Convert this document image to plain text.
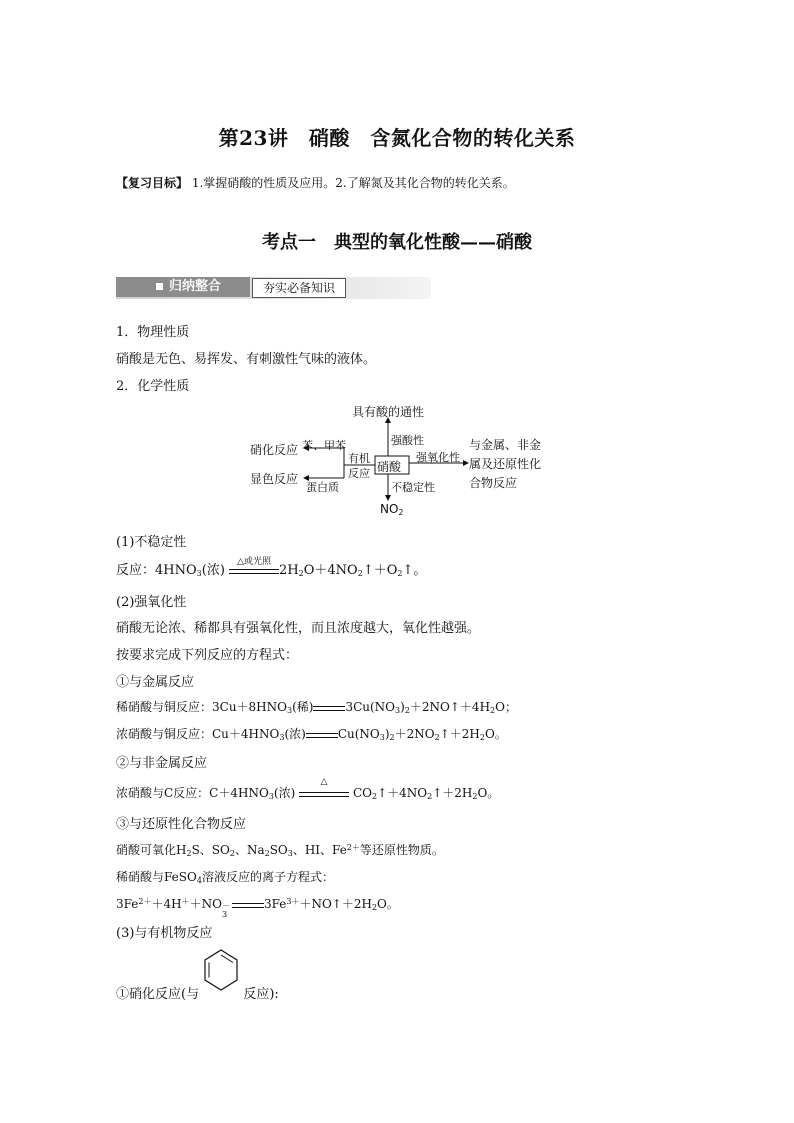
第23讲　硝酸　含氮化合物的转化关系
【复习目标】 1.掌握硝酸的性质及应用。2.了解氮及其化合物的转化关系。
考点一　典型的氧化性酸——硝酸
归纳整合	夯实必备知识
1．物理性质
硝酸是无色、易挥发、有刺激性气味的液体。
2．化学性质
具有酸的通性
强酸性
硝酸
强氧化性
与金属、非金
属及还原性化
合物反应
不稳定性
$NO_2$
有机
反应
硝化反应 苯、甲苯
显色反应
蛋白质
(1)不稳定性
反应：$4HNO_3$(浓)
△或光照
$2H_2O+4NO_2↑+O_2↑$。
(2)强氧化性
硝酸无论浓、稀都具有强氧化性，而且浓度越大，氧化性越强。
按要求完成下列反应的方程式：
①与金属反应
稀硝酸与铜反应：$3Cu+8HNO_3$(稀)	$3Cu(NO_3)_2+2NO↑+4H_2O$；
浓硝酸与铜反应：$Cu+4HNO_3$(浓)	$Cu(NO_3)_2+2NO_2↑+2H_2O$。
②与非金属反应
浓硝酸与C反应：$C+4HNO_3$(浓)
△
$CO_2↑+4NO_2↑+2H_2O$。
③与还原性化合物反应
硝酸可氧化$H_2S$、$SO_2$、$Na_2SO_3$、HI、$Fe^{2+}$等还原性物质。
稀硝酸与FeSO$_4$溶液反应的离子方程式：
$3Fe^{2+}+4H^++NO$ －
3
$3Fe^{3+}+NO↑+2H_2O$。
(3)与有机物反应
①硝化反应(与	反应):
